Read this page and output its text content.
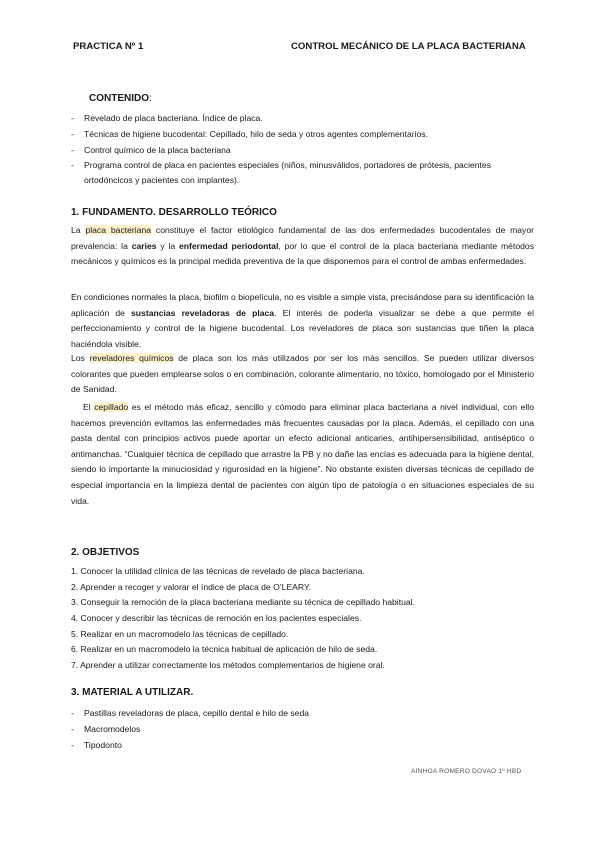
PRACTICA Nº 1	CONTROL MECÁNICO DE LA PLACA BACTERIANA
CONTENIDO:
- Revelado de placa bacteriana. Índice de placa.
- Técnicas de higiene bucodental: Cepillado, hilo de seda y otros agentes complementarios.
- Control químico de la placa bacteriana
- Programa control de placa en pacientes especiales (niños, minusválidos, portadores de prótesis, pacientes ortodóncicos y pacientes con implantes).
1. FUNDAMENTO. DESARROLLO TEÓRICO
La placa bacteriana constituye el factor etiológico fundamental de las dos enfermedades bucodentales de mayor prevalencia: la caries y la enfermedad periodontal, por lo que el control de la placa bacteriana mediante métodos mecánicos y químicos es la principal medida preventiva de la que disponemos para el control de ambas enfermedades.
En condiciones normales la placa, biofilm o biopelícula, no es visible a simple vista, precisándose para su identificación la aplicación de sustancias reveladoras de placa. El interés de poderla visualizar se debe a que permite el perfeccionamiento y control de la higiene bucodental. Los reveladores de placa son sustancias que tiñen la placa haciéndola visible.
Los reveladores químicos de placa son los más utilizados por ser los más sencillos. Se pueden utilizar diversos colorantes que pueden emplearse solos o en combinación, colorante alimentario, no tóxico, homologado por el Ministerio de Sanidad.
El cepillado es el método más eficaz, sencillo y cómodo para eliminar placa bacteriana a nivel individual, con ello hacemos prevención evitamos las enfermedades más frecuentes causadas por la placa. Además, el cepillado con una pasta dental con principios activos puede aportar un efecto adicional anticaries, antihipersensibilidad, antiséptico o antimanchas. “Cualquier técnica de cepillado que arrastre la PB y no dañe las encías es adecuada para la higiene dental, siendo lo importante la minuciosidad y rigurosidad en la higiene”. No obstante existen diversas técnicas de cepillado de especial importancia en la limpieza dental de pacientes con algún tipo de patología o en situaciones especiales de su vida.
2. OBJETIVOS
1. Conocer la utilidad clínica de las técnicas de revelado de placa bacteriana.
2. Aprender a recoger y valorar el índice de placa de O’LEARY.
3. Conseguir la remoción de la placa bacteriana mediante su técnica de cepillado habitual.
4. Conocer y describir las técnicas de remoción en los pacientes especiales.
5. Realizar en un macromodelo las técnicas de cepillado.
6. Realizar en un macromodelo la técnica habitual de aplicación de hilo de seda.
7. Aprender a utilizar correctamente los métodos complementarios de higiene oral.
3. MATERIAL A UTILIZAR.
- Pastillas reveladoras de placa, cepillo dental e hilo de seda
- Macromodelos
- Tipodonto
AINHOA ROMERO DOVAO 1º HBD
